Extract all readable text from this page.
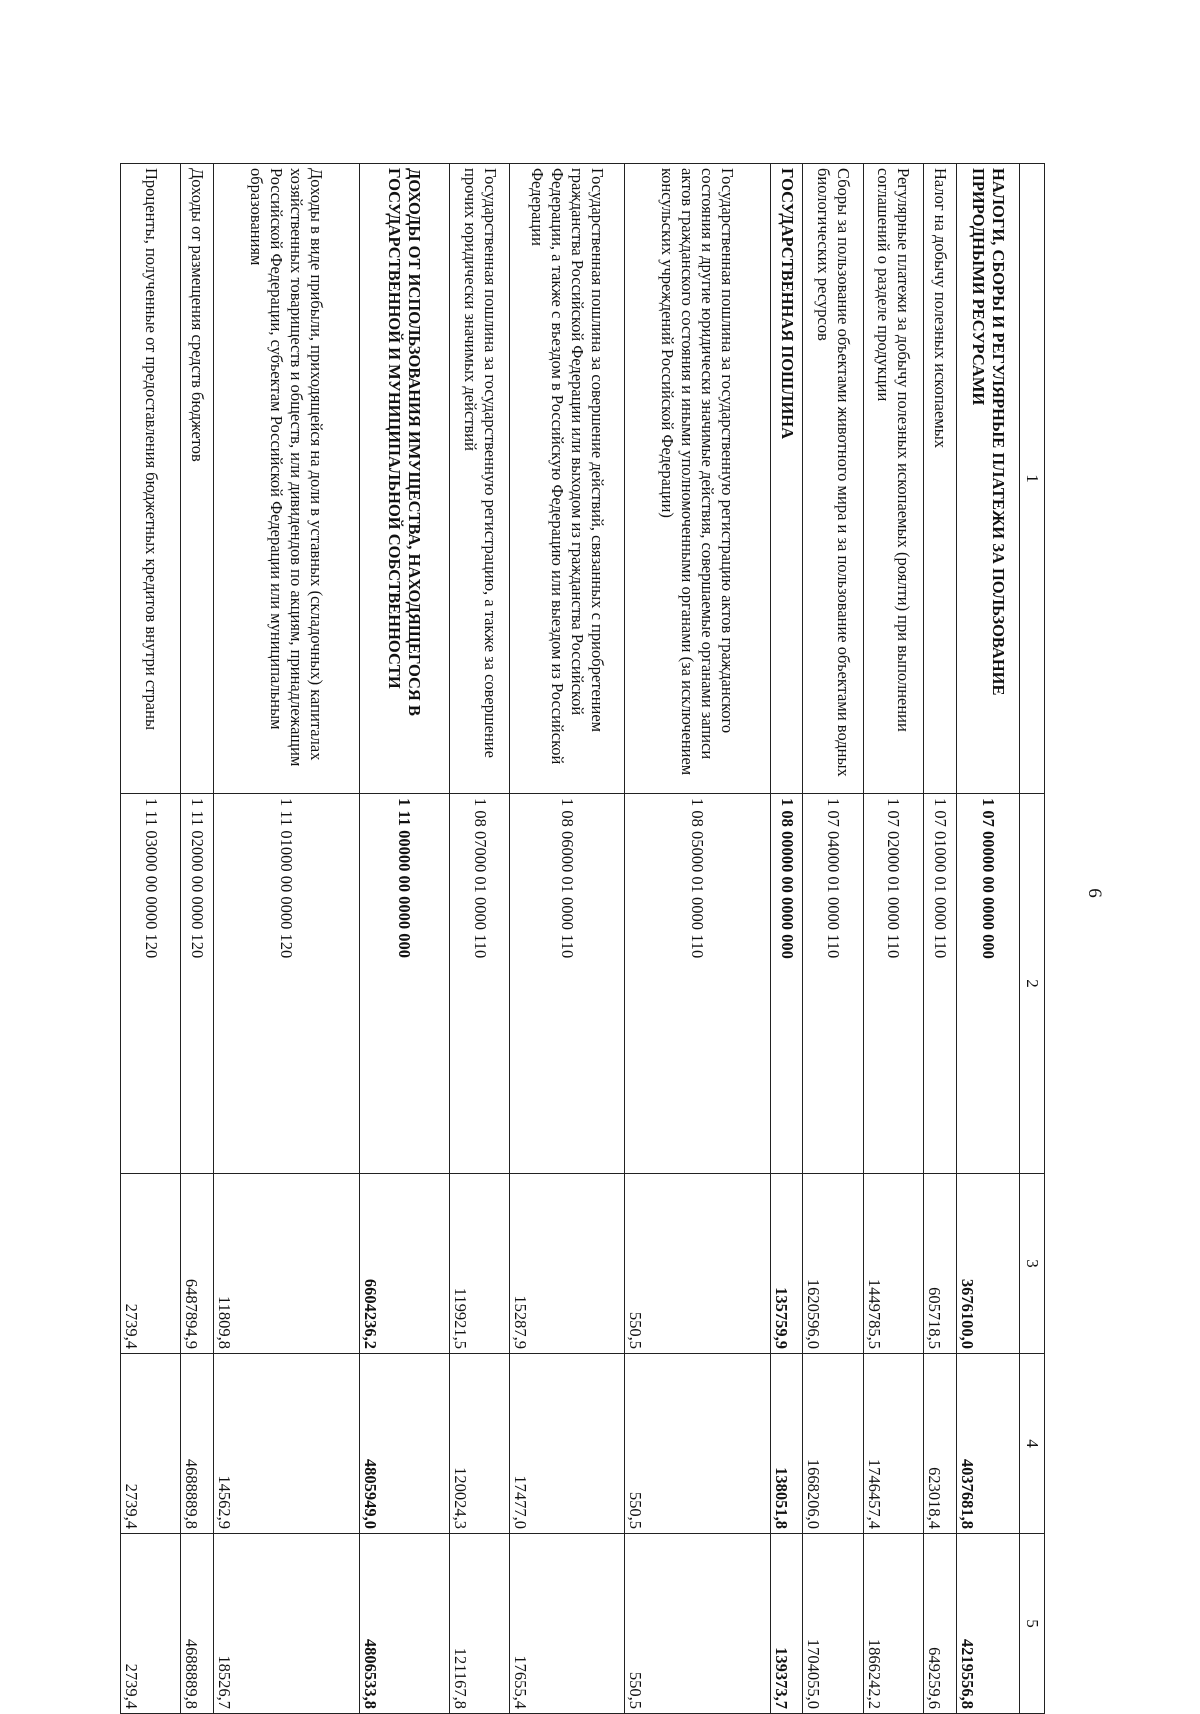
6
1	2	3	4	5
НАЛОГИ, СБОРЫ И РЕГУЛЯРНЫЕ ПЛАТЕЖИ ЗА ПОЛЬЗОВАНИЕ ПРИРОДНЫМИ РЕСУРСАМИ	1 07 00000 00 0000 000	3676100,0	4037681,8	4219556,8
Налог на добычу полезных ископаемых	1 07 01000 01 0000 110	605718,5	623018,4	649259,6
Регулярные платежи за добычу полезных ископаемых (роялти) при выполнении соглашений о разделе продукции	1 07 02000 01 0000 110	1449785,5	1746457,4	1866242,2
Сборы за пользование объектами животного мира и за пользование объектами водных биологических ресурсов	1 07 04000 01 0000 110	1620596,0	1668206,0	1704055,0
ГОСУДАРСТВЕННАЯ ПОШЛИНА	1 08 00000 00 0000 000	135759,9	138051,8	139373,7
Государственная пошлина за государственную регистрацию актов гражданского состояния и другие юридически значимые действия, совершаемые органами записи актов гражданского состояния и иными уполномоченными органами (за исключением консульских учреждений Российской Федерации)	1 08 05000 01 0000 110	550,5	550,5	550,5
Государственная пошлина за совершение действий, связанных с приобретением гражданства Российской Федерации или выходом из гражданства Российской Федерации, а также с въездом в Российскую Федерацию или выездом из Российской Федерации	1 08 06000 01 0000 110	15287,9	17477,0	17655,4
Государственная пошлина за государственную регистрацию, а также за совершение прочих юридически значимых действий	1 08 07000 01 0000 110	119921,5	120024,3	121167,8
ДОХОДЫ ОТ ИСПОЛЬЗОВАНИЯ ИМУЩЕСТВА, НАХОДЯЩЕГОСЯ В ГОСУДАРСТВЕННОЙ И МУНИЦИПАЛЬНОЙ СОБСТВЕННОСТИ	1 11 00000 00 0000 000	6604236,2	4805949,0	4806533,8
Доходы в виде прибыли, приходящейся на доли в уставных (складочных) капиталах хозяйственных товариществ и обществ, или дивидендов по акциям, принадлежащим Российской Федерации, субъектам Российской Федерации или муниципальным образованиям	1 11 01000 00 0000 120	11809,8	14562,9	18526,7
Доходы от размещения средств бюджетов	1 11 02000 00 0000 120	6487894,9	4688889,8	4688889,8
Проценты, полученные от предоставления бюджетных кредитов внутри страны	1 11 03000 00 0000 120	2739,4	2739,4	2739,4
